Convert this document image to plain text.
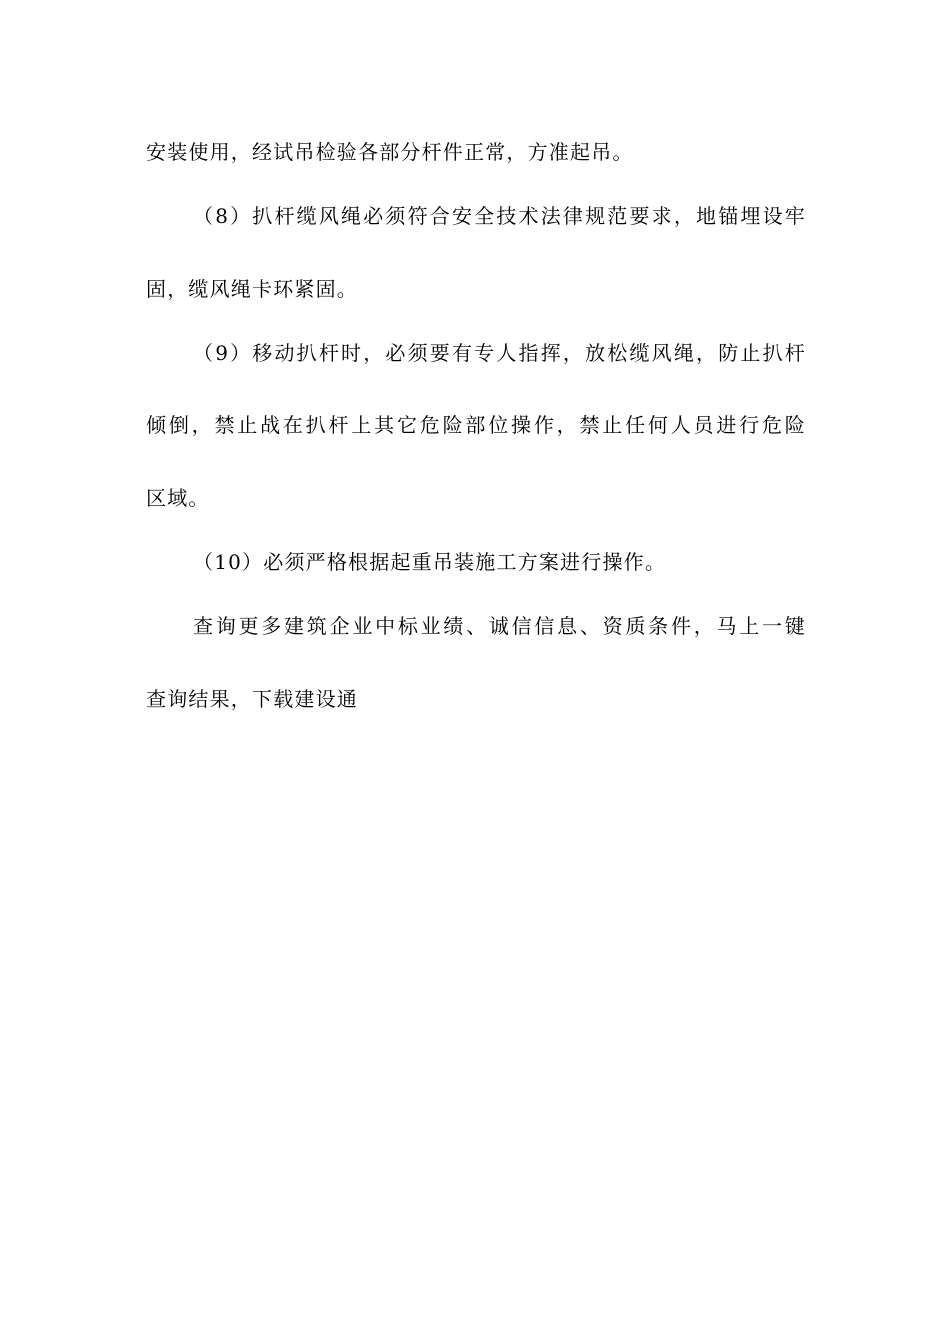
安装使用，经试吊检验各部分杆件正常，方准起吊。
（8）扒杆缆风绳必须符合安全技术法律规范要求，地锚埋设牢
固，缆风绳卡环紧固。
（9）移动扒杆时，必须要有专人指挥，放松缆风绳，防止扒杆
倾倒，禁止战在扒杆上其它危险部位操作，禁止任何人员进行危险
区域。
（10）必须严格根据起重吊装施工方案进行操作。
查询更多建筑企业中标业绩、诚信信息、资质条件，马上一键
查询结果，下载建设通
